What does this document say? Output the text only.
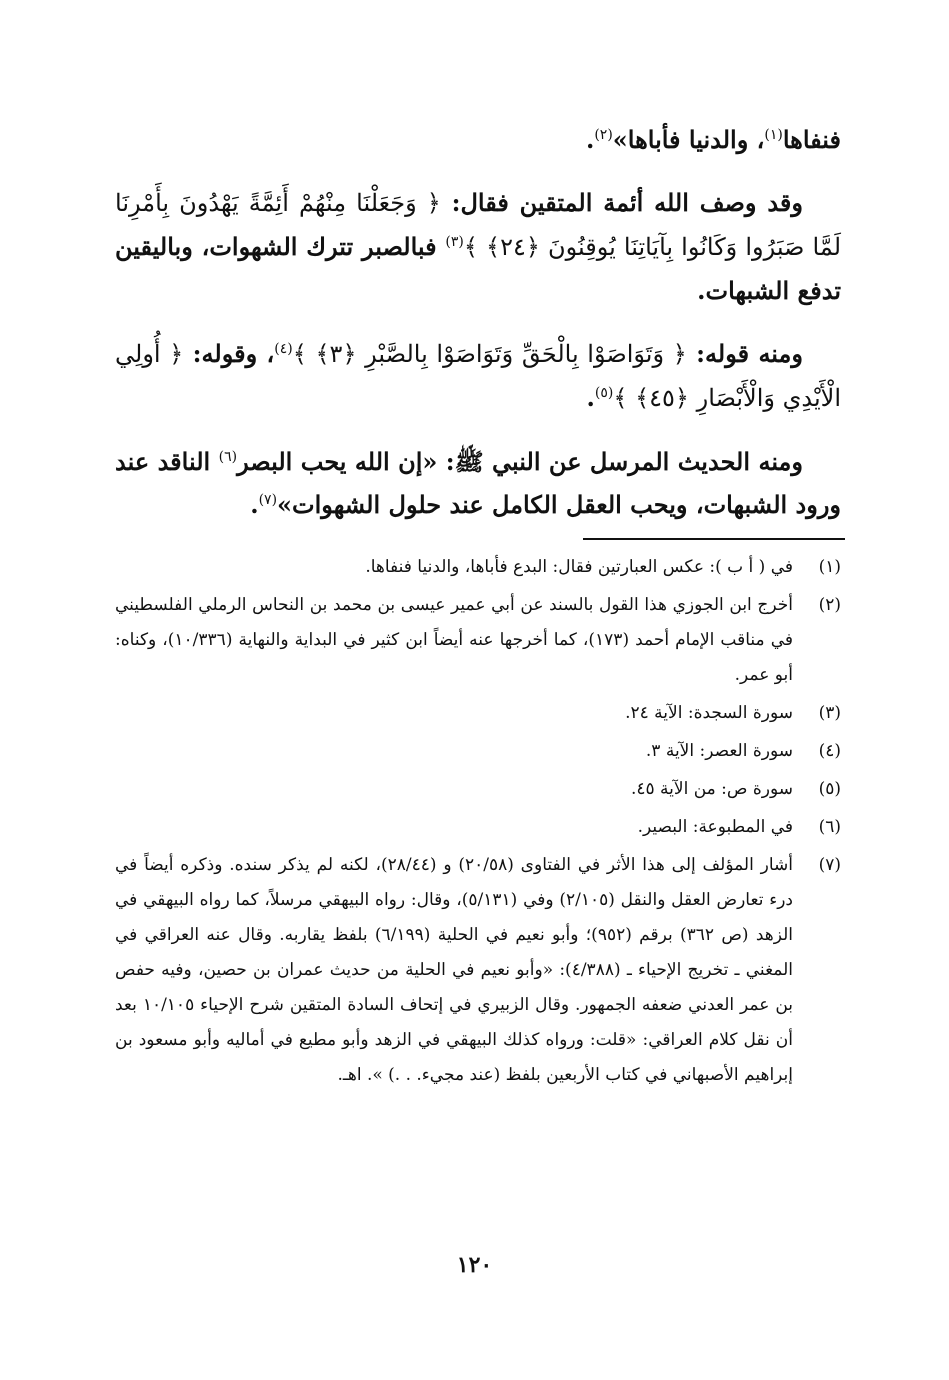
فنفاها$^{(١)}$، والدنيا فأباها»$^{(٢)}$.

وقد وصف الله أئمة المتقين فقال: ﴿ وَجَعَلْنَا مِنْهُمْ أَئِمَّةً يَهْدُونَ بِأَمْرِنَا لَمَّا صَبَرُوا وَكَانُوا بِآيَاتِنَا يُوقِنُونَ ﴿٢٤﴾ ﴾$^{(٣)}$ فبالصبر تترك الشهوات، وباليقين تدفع الشبهات.

ومنه قوله: ﴿ وَتَوَاصَوْا بِالْحَقِّ وَتَوَاصَوْا بِالصَّبْرِ ﴿٣﴾ ﴾$^{(٤)}$، وقوله: ﴿ أُولِي الْأَيْدِي وَالْأَبْصَارِ ﴿٤٥﴾ ﴾$^{(٥)}$.

ومنه الحديث المرسل عن النبي ﷺ: «إن الله يحب البصر$^{(٦)}$ الناقد عند ورود الشبهات، ويحب العقل الكامل عند حلول الشهوات»$^{(٧)}$.

(١)
في ( أ ب ): عكس العبارتين فقال: البدع فأباها، والدنيا فنفاها.
(٢)
أخرج ابن الجوزي هذا القول بالسند عن أبي عمير عيسى بن محمد بن النحاس الرملي الفلسطيني في مناقب الإمام أحمد (١٧٣)، كما أخرجها عنه أيضاً ابن كثير في البداية والنهاية (١٠/٣٣٦)، وكناه: أبو عمر.
(٣)
سورة السجدة: الآية ٢٤.
(٤)
سورة العصر: الآية ٣.
(٥)
سورة ص: من الآية ٤٥.
(٦)
في المطبوعة: البصير.
(٧)
أشار المؤلف إلى هذا الأثر في الفتاوى (٢٠/٥٨) و (٢٨/٤٤)، لكنه لم يذكر سنده. وذكره أيضاً في درء تعارض العقل والنقل (٢/١٠٥) وفي (٥/١٣١)، وقال: رواه البيهقي مرسلاً، كما رواه البيهقي في الزهد (ص ٣٦٢) برقم (٩٥٢)؛ وأبو نعيم في الحلية (٦/١٩٩) بلفظ يقاربه. وقال عنه العراقي في المغني ـ تخريج الإحياء ـ (٤/٣٨٨): «وأبو نعيم في الحلية من حديث عمران بن حصين، وفيه حفص بن عمر العدني ضعفه الجمهور. وقال الزبيري في إتحاف السادة المتقين شرح الإحياء ١٠/١٠٥ بعد أن نقل كلام العراقي: «قلت: ورواه كذلك البيهقي في الزهد وأبو مطيع في أماليه وأبو مسعود بن إبراهيم الأصبهاني في كتاب الأربعين بلفظ (عند مجيء. . .) ». اهـ.
١٢٠
